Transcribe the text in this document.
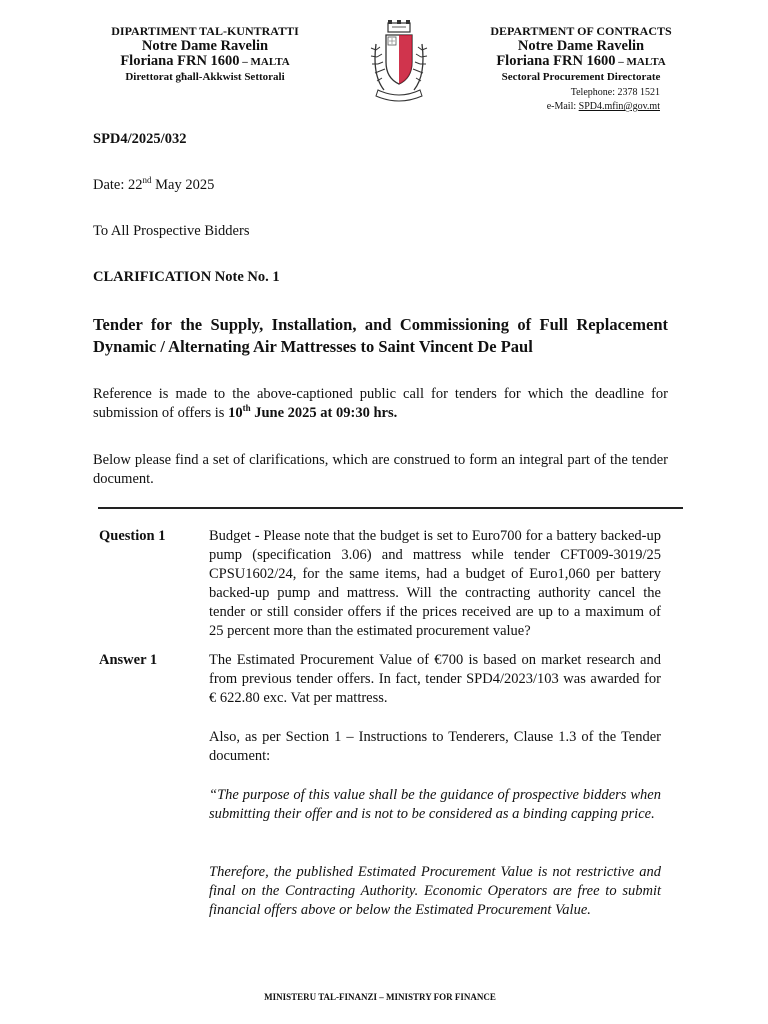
DIPARTIMENT TAL-KUNTRATTI
Notre Dame Ravelin
Floriana FRN 1600 – MALTA
Direttorat għall-Akkwist Settorali
DEPARTMENT OF CONTRACTS
Notre Dame Ravelin
Floriana FRN 1600 – MALTA
Sectoral Procurement Directorate
Telephone: 2378 1521
e-Mail: SPD4.mfin@gov.mt
SPD4/2025/032
Date: 22nd May 2025
To All Prospective Bidders
CLARIFICATION Note No. 1
Tender for the Supply, Installation, and Commissioning of Full Replacement Dynamic / Alternating Air Mattresses to Saint Vincent De Paul
Reference is made to the above-captioned public call for tenders for which the deadline for submission of offers is 10th June 2025 at 09:30 hrs.
Below please find a set of clarifications, which are construed to form an integral part of the tender document.
Question 1	Budget - Please note that the budget is set to Euro700 for a battery backed-up pump (specification 3.06) and mattress while tender CFT009-3019/25 CPSU1602/24, for the same items, had a budget of Euro1,060 per battery backed-up pump and mattress. Will the contracting authority cancel the tender or still consider offers if the prices received are up to a maximum of 25 percent more than the estimated procurement value?
Answer 1	The Estimated Procurement Value of €700 is based on market research and from previous tender offers. In fact, tender SPD4/2023/103 was awarded for € 622.80 exc. Vat per mattress.
Also, as per Section 1 – Instructions to Tenderers, Clause 1.3 of the Tender document:
“The purpose of this value shall be the guidance of prospective bidders when submitting their offer and is not to be considered as a binding capping price.
Therefore, the published Estimated Procurement Value is not restrictive and final on the Contracting Authority. Economic Operators are free to submit financial offers above or below the Estimated Procurement Value.
MINISTERU TAL-FINANZI – MINISTRY FOR FINANCE
